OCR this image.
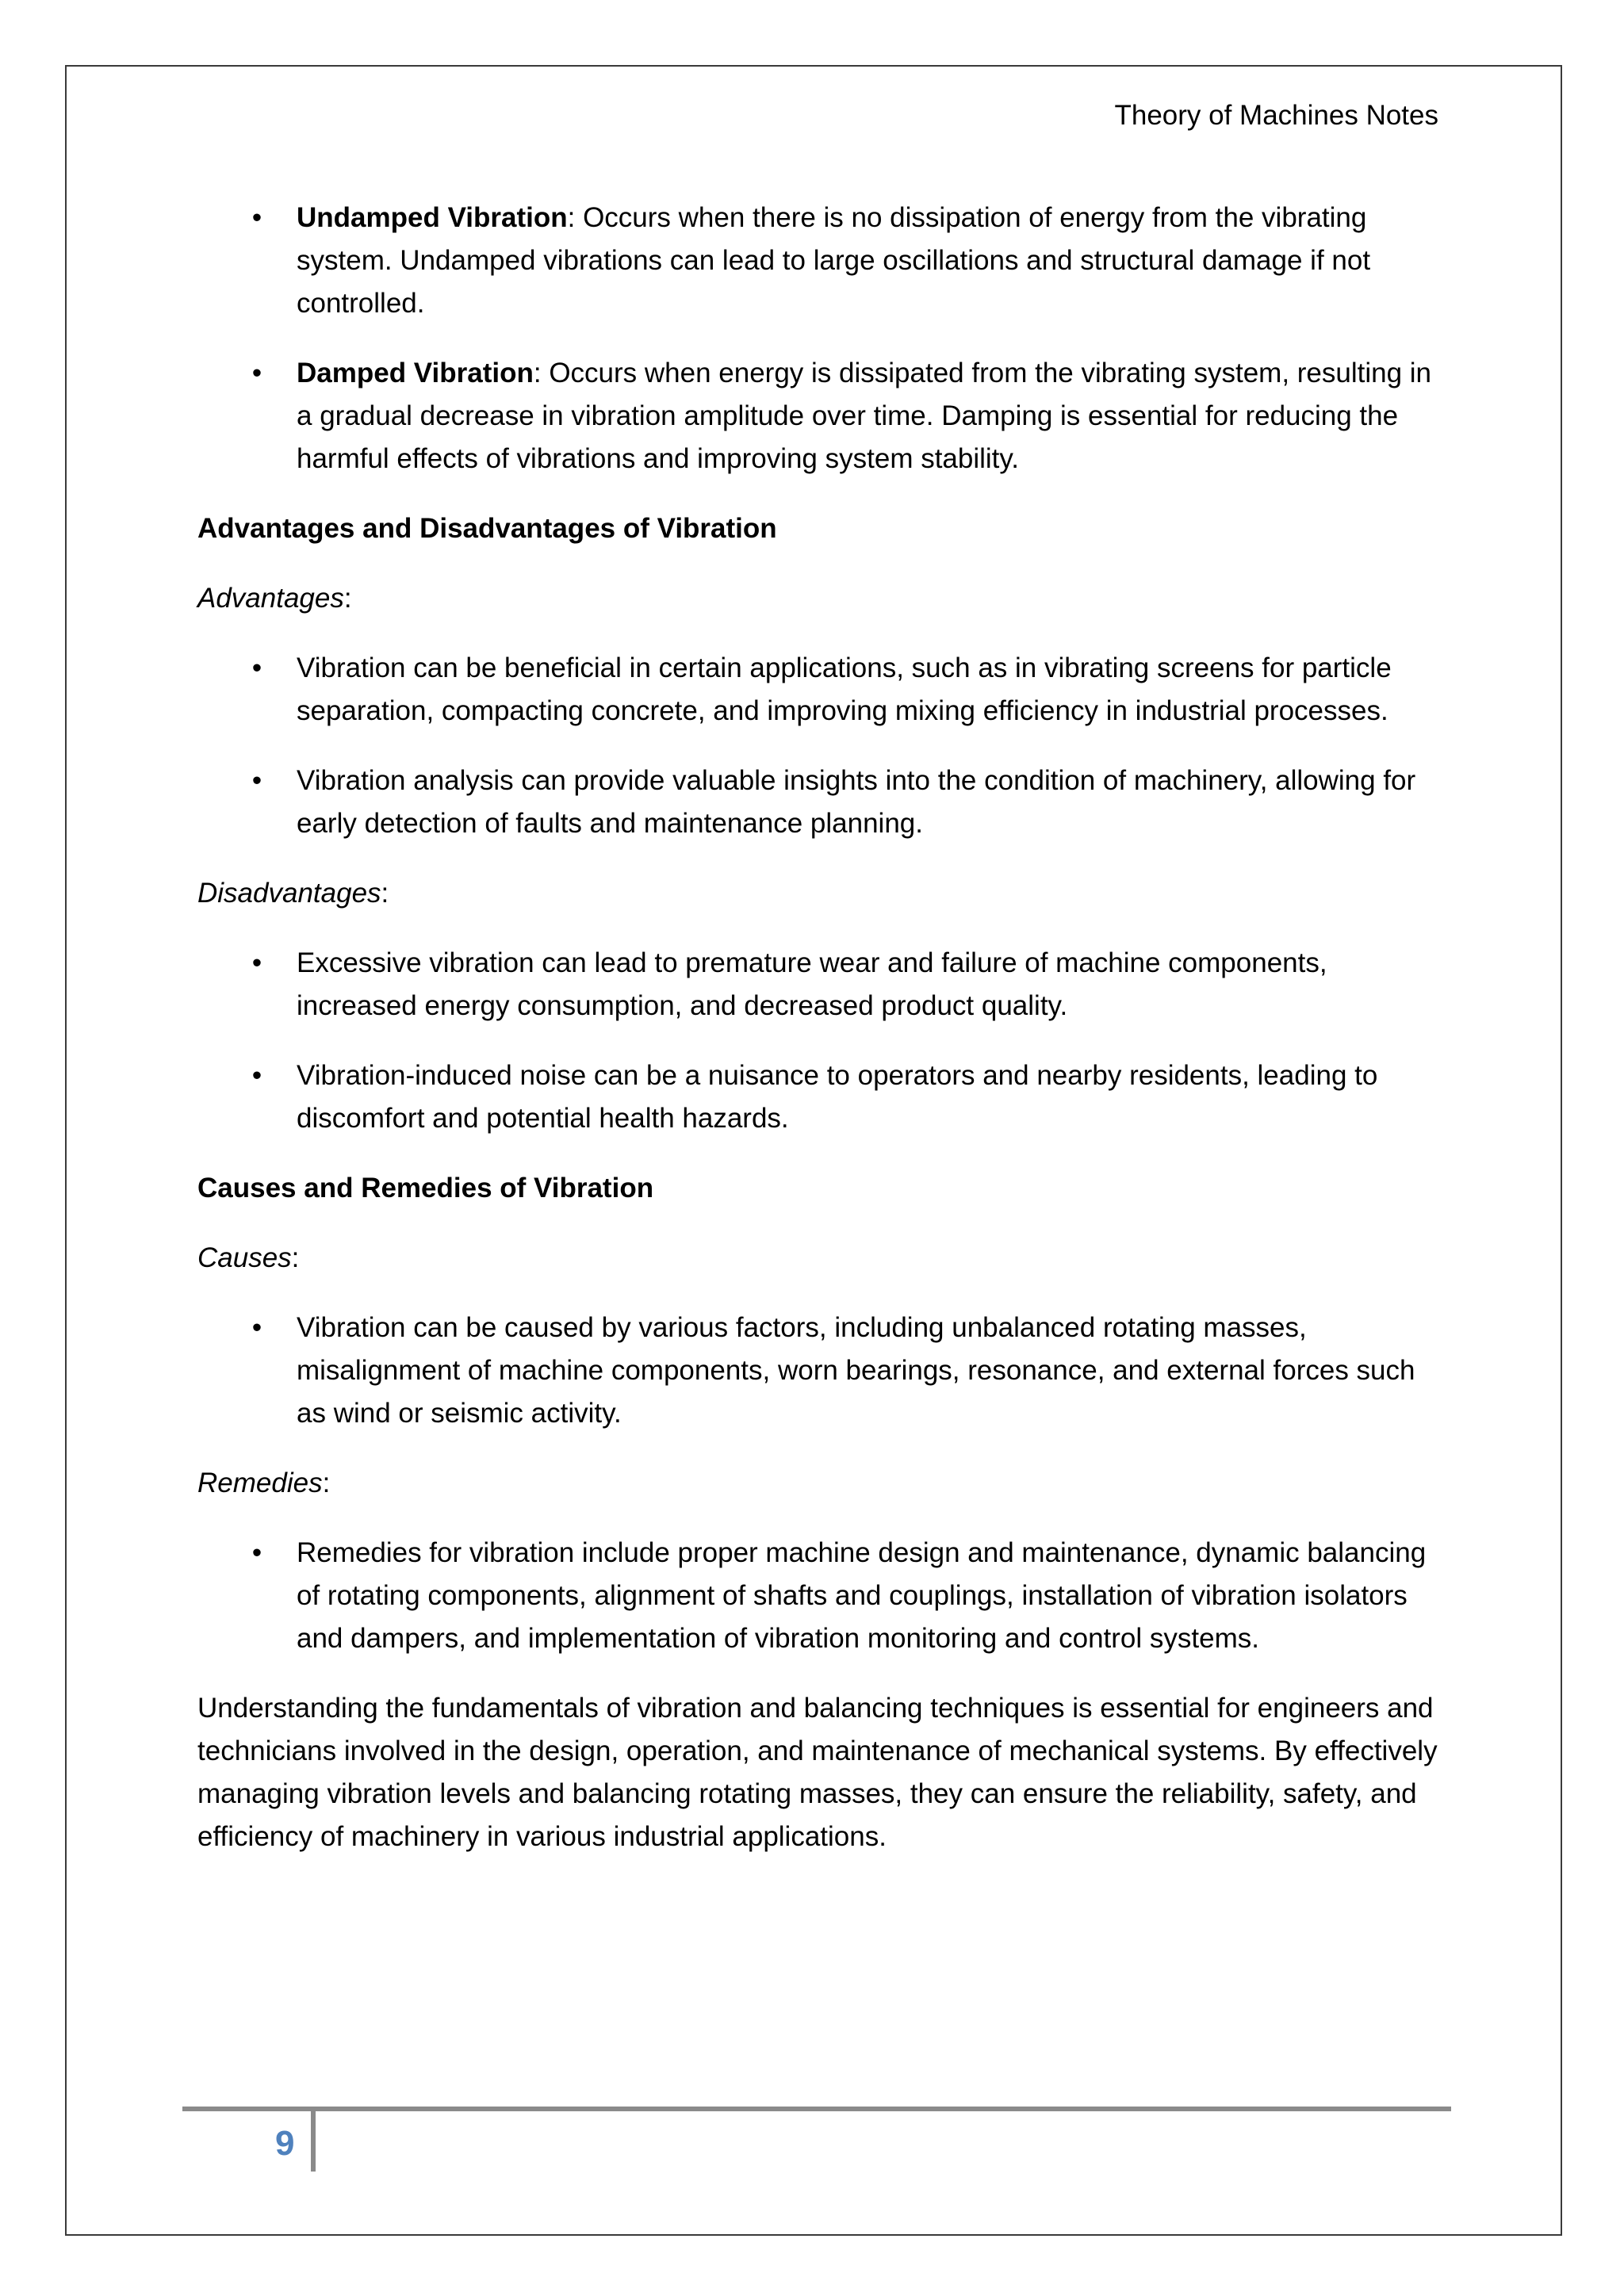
Theory of Machines Notes
• Undamped Vibration: Occurs when there is no dissipation of energy from the vibrating system. Undamped vibrations can lead to large oscillations and structural damage if not controlled.
• Damped Vibration: Occurs when energy is dissipated from the vibrating system, resulting in a gradual decrease in vibration amplitude over time. Damping is essential for reducing the harmful effects of vibrations and improving system stability.

Advantages and Disadvantages of Vibration

Advantages:

• Vibration can be beneficial in certain applications, such as in vibrating screens for particle separation, compacting concrete, and improving mixing efficiency in industrial processes.
• Vibration analysis can provide valuable insights into the condition of machinery, allowing for early detection of faults and maintenance planning.

Disadvantages:

• Excessive vibration can lead to premature wear and failure of machine components, increased energy consumption, and decreased product quality.
• Vibration-induced noise can be a nuisance to operators and nearby residents, leading to discomfort and potential health hazards.

Causes and Remedies of Vibration

Causes:

• Vibration can be caused by various factors, including unbalanced rotating masses, misalignment of machine components, worn bearings, resonance, and external forces such as wind or seismic activity.

Remedies:

• Remedies for vibration include proper machine design and maintenance, dynamic balancing of rotating components, alignment of shafts and couplings, installation of vibration isolators and dampers, and implementation of vibration monitoring and control systems.

Understanding the fundamentals of vibration and balancing techniques is essential for engineers and technicians involved in the design, operation, and maintenance of mechanical systems. By effectively managing vibration levels and balancing rotating masses, they can ensure the reliability, safety, and efficiency of machinery in various industrial applications.

9
